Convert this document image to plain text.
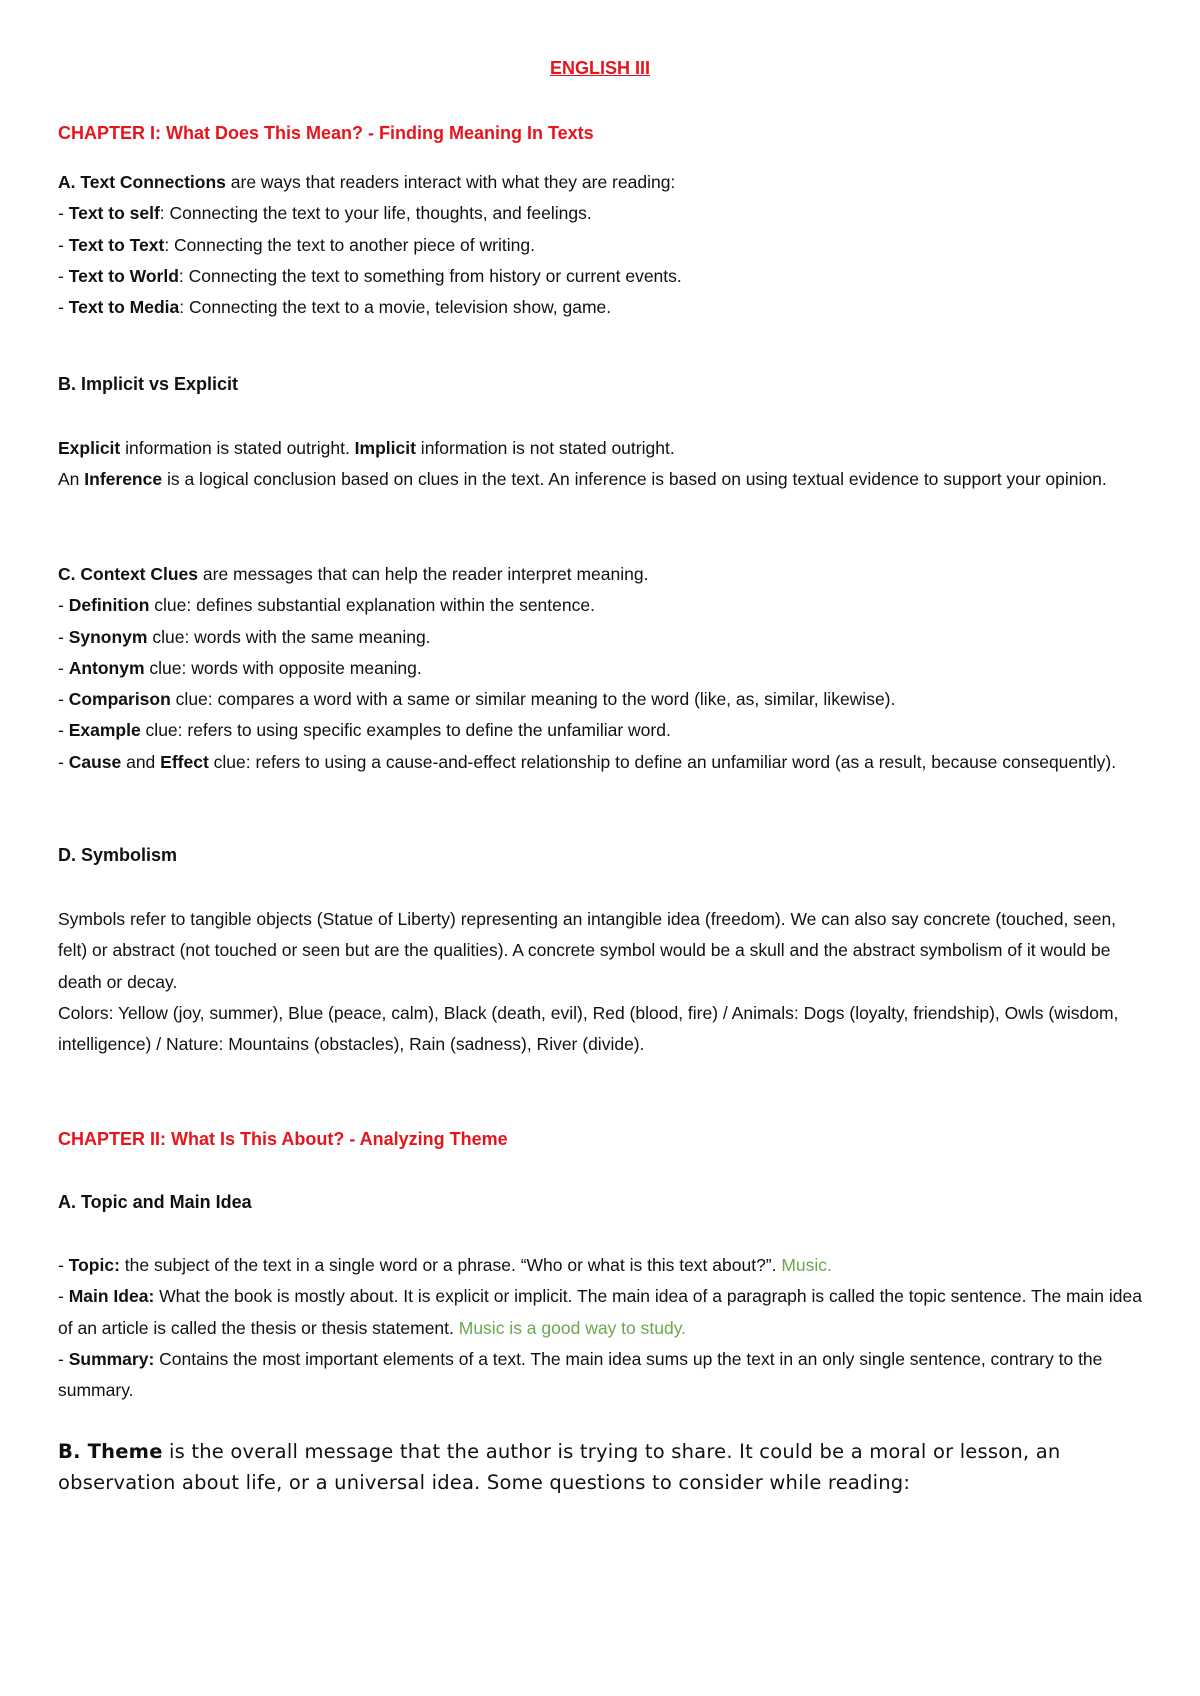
ENGLISH III

CHAPTER I: What Does This Mean? - Finding Meaning In Texts

A. Text Connections are ways that readers interact with what they are reading:

- Text to self: Connecting the text to your life, thoughts, and feelings.

- Text to Text: Connecting the text to another piece of writing.

- Text to World: Connecting the text to something from history or current events.

- Text to Media: Connecting the text to a movie, television show, game.

B. Implicit vs Explicit

Explicit information is stated outright. Implicit information is not stated outright.

An Inference is a logical conclusion based on clues in the text. An inference is based on using textual evidence to support your opinion.

C. Context Clues are messages that can help the reader interpret meaning.

- Definition clue: defines substantial explanation within the sentence.

- Synonym clue: words with the same meaning.

- Antonym clue: words with opposite meaning.

- Comparison clue: compares a word with a same or similar meaning to the word (like, as, similar, likewise).

- Example clue: refers to using specific examples to define the unfamiliar word.

- Cause and Effect clue: refers to using a cause-and-effect relationship to define an unfamiliar word (as a result, because consequently).

D. Symbolism

Symbols refer to tangible objects (Statue of Liberty) representing an intangible idea (freedom). We can also say concrete (touched, seen, felt) or abstract (not touched or seen but are the qualities). A concrete symbol would be a skull and the abstract symbolism of it would be death or decay.

Colors: Yellow (joy, summer), Blue (peace, calm), Black (death, evil), Red (blood, fire) / Animals: Dogs (loyalty, friendship), Owls (wisdom, intelligence) / Nature: Mountains (obstacles), Rain (sadness), River (divide).

CHAPTER II: What Is This About? - Analyzing Theme

A. Topic and Main Idea

- Topic: the subject of the text in a single word or a phrase. “Who or what is this text about?”. Music.

- Main Idea: What the book is mostly about. It is explicit or implicit. The main idea of a paragraph is called the topic sentence. The main idea of an article is called the thesis or thesis statement. Music is a good way to study.

- Summary: Contains the most important elements of a text. The main idea sums up the text in an only single sentence, contrary to the summary.

B. Theme is the overall message that the author is trying to share. It could be a moral or lesson, an observation about life, or a universal idea. Some questions to consider while reading:
